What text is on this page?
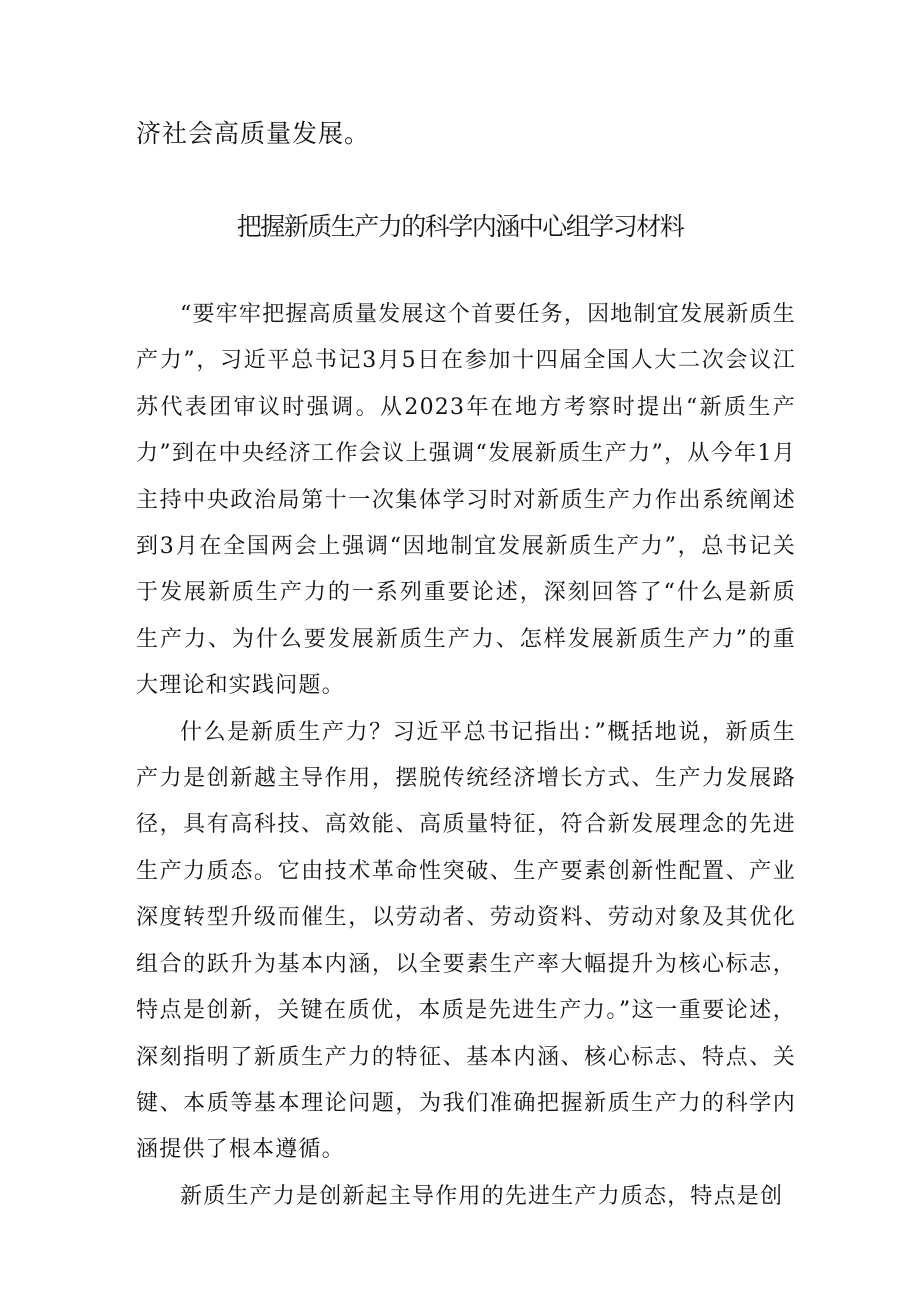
济社会高质量发展。
把握新质生产力的科学内涵中心组学习材料

“要牢牢把握高质量发展这个首要任务，因地制宜发展新质生产力”，习近平总书记3月5日在参加十四届全国人大二次会议江苏代表团审议时强调。从2023年在地方考察时提出“新质生产力”到在中央经济工作会议上强调“发展新质生产力”，从今年1月主持中央政治局第十一次集体学习时对新质生产力作出系统阐述到3月在全国两会上强调“因地制宜发展新质生产力”，总书记关于发展新质生产力的一系列重要论述，深刻回答了“什么是新质生产力、为什么要发展新质生产力、怎样发展新质生产力”的重大理论和实践问题。

什么是新质生产力？习近平总书记指出：”概括地说，新质生产力是创新越主导作用，摆脱传统经济增长方式、生产力发展路径，具有高科技、高效能、高质量特征，符合新发展理念的先进生产力质态。它由技术革命性突破、生产要素创新性配置、产业深度转型升级而催生，以劳动者、劳动资料、劳动对象及其优化组合的跃升为基本内涵，以全要素生产率大幅提升为核心标志，特点是创新，关键在质优，本质是先进生产力。”这一重要论述，深刻指明了新质生产力的特征、基本内涵、核心标志、特点、关键、本质等基本理论问题，为我们准确把握新质生产力的科学内涵提供了根本遵循。

新质生产力是创新起主导作用的先进生产力质态，特点是创
